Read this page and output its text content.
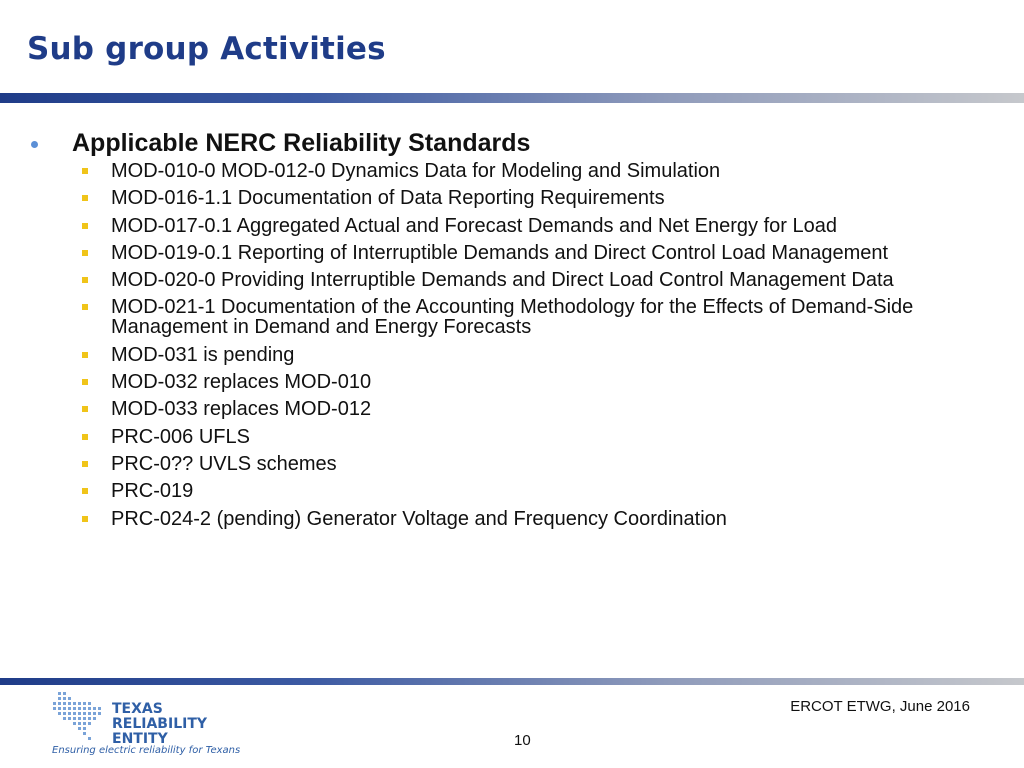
Sub group Activities
Applicable NERC Reliability Standards
MOD-010-0 MOD-012-0 Dynamics Data for Modeling and Simulation
MOD-016-1.1 Documentation of Data Reporting Requirements
MOD-017-0.1 Aggregated Actual and Forecast Demands and Net Energy for Load
MOD-019-0.1 Reporting of Interruptible Demands and Direct Control Load Management
MOD-020-0 Providing Interruptible Demands and Direct Load Control Management Data
MOD-021-1 Documentation of the Accounting Methodology for the Effects of Demand-Side Management in Demand and Energy Forecasts
MOD-031 is pending
MOD-032 replaces MOD-010
MOD-033 replaces MOD-012
PRC-006 UFLS
PRC-0?? UVLS schemes
PRC-019
PRC-024-2 (pending) Generator Voltage and Frequency Coordination
TEXAS
RELIABILITY
ENTITY
Ensuring electric reliability for Texans
ERCOT ETWG, June 2016
10
